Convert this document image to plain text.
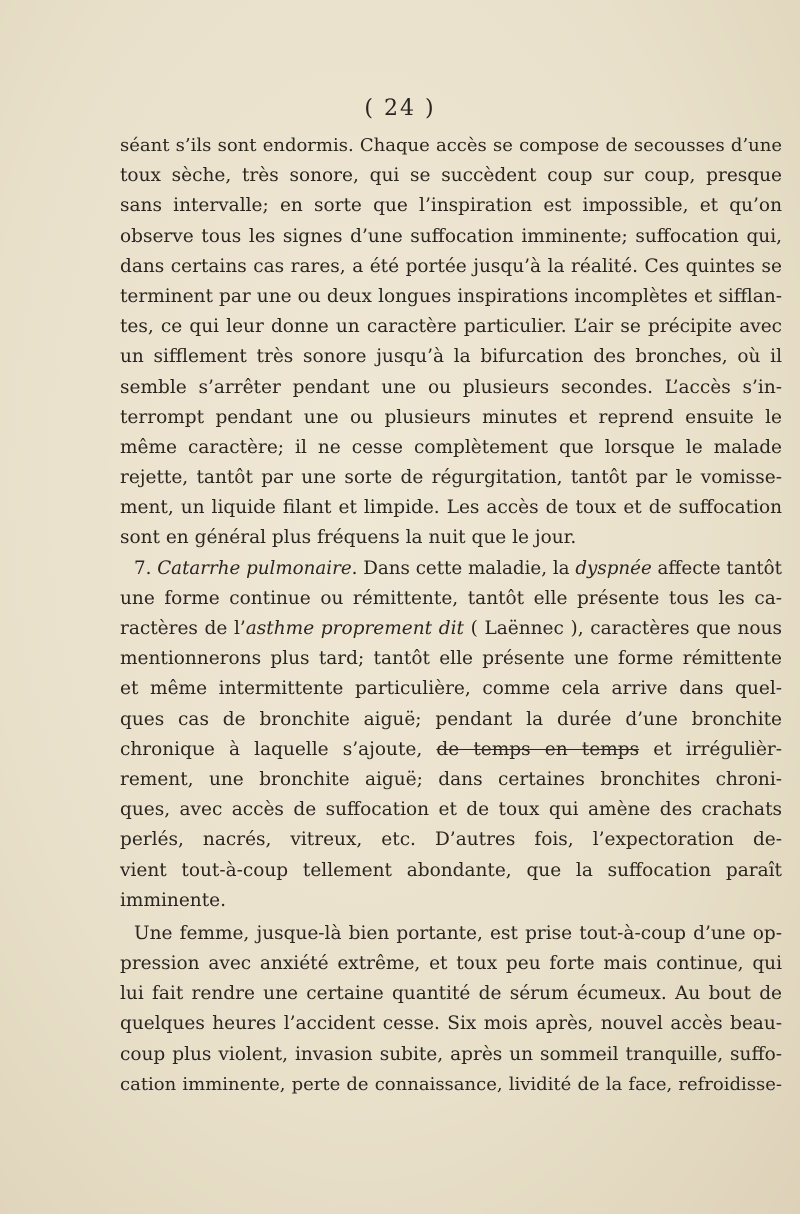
( 24 )
séant s’ils sont endormis. Chaque accès se compose de secousses d’une
toux sèche, très sonore, qui se succèdent coup sur coup, presque
sans intervalle; en sorte que l’inspiration est impossible, et qu’on
observe tous les signes d’une suffocation imminente; suffocation qui,
dans certains cas rares, a été portée jusqu’à la réalité. Ces quintes se
terminent par une ou deux longues inspirations incomplètes et sifflan-
tes, ce qui leur donne un caractère particulier. L’air se précipite avec
un sifflement très sonore jusqu’à la bifurcation des bronches, où il
semble s’arrêter pendant une ou plusieurs secondes. L’accès s’in-
terrompt pendant une ou plusieurs minutes et reprend ensuite le
même caractère; il ne cesse complètement que lorsque le malade
rejette, tantôt par une sorte de régurgitation, tantôt par le vomisse-
ment, un liquide filant et limpide. Les accès de toux et de suffocation
sont en général plus fréquens la nuit que le jour.
7. Catarrhe pulmonaire. Dans cette maladie, la dyspnée affecte tantôt
une forme continue ou rémittente, tantôt elle présente tous les ca-
ractères de l’asthme proprement dit ( Laënnec ), caractères que nous
mentionnerons plus tard; tantôt elle présente une forme rémittente
et même intermittente particulière, comme cela arrive dans quel-
ques cas de bronchite aiguë; pendant la durée d’une bronchite
chronique à laquelle s’ajoute, de temps en temps et irrégulièr-
rement, une bronchite aiguë; dans certaines bronchites chroni-
ques, avec accès de suffocation et de toux qui amène des crachats
perlés, nacrés, vitreux, etc. D’autres fois, l’expectoration de-
vient tout-à-coup tellement abondante, que la suffocation paraît
imminente.
Une femme, jusque-là bien portante, est prise tout-à-coup d’une op-
pression avec anxiété extrême, et toux peu forte mais continue, qui
lui fait rendre une certaine quantité de sérum écumeux. Au bout de
quelques heures l’accident cesse. Six mois après, nouvel accès beau-
coup plus violent, invasion subite, après un sommeil tranquille, suffo-
cation imminente, perte de connaissance, lividité de la face, refroidisse-
